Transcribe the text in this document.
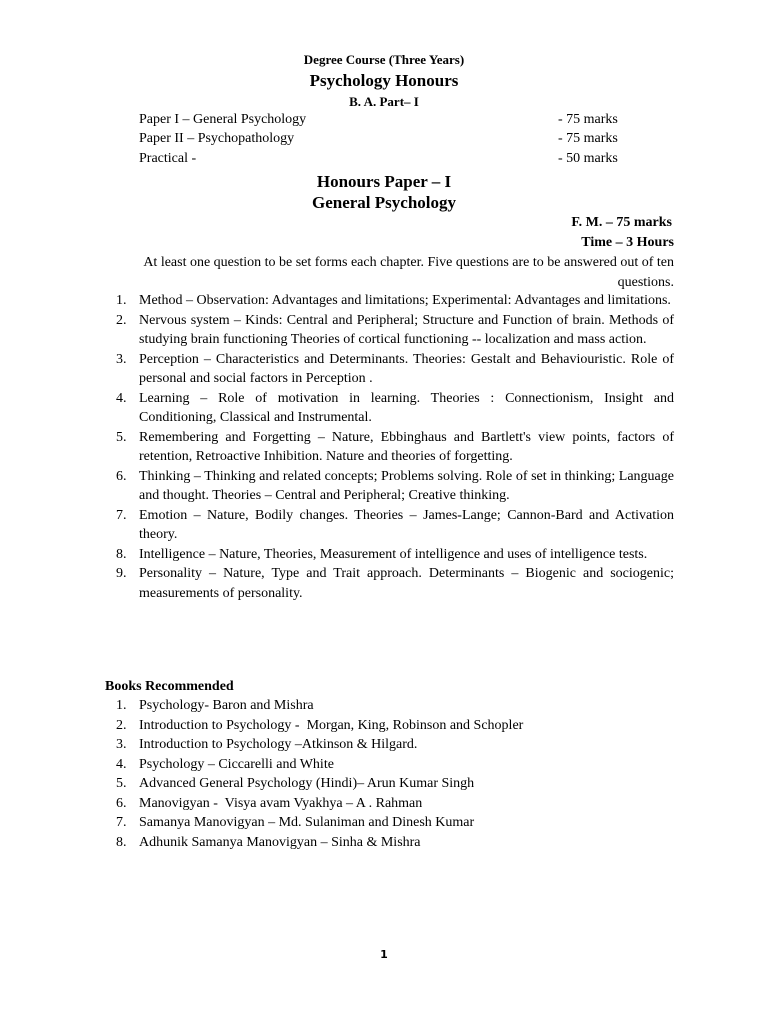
Degree Course (Three Years)
Psychology Honours
B. A. Part– I
Paper I – General Psychology	- 75 marks
Paper II – Psychopathology	- 75 marks
Practical -	- 50 marks
Honours Paper – I
General Psychology
F. M. – 75 marks
Time – 3 Hours
At least one question to be set forms each chapter. Five questions are to be answered out of ten questions.
1. Method – Observation: Advantages and limitations; Experimental: Advantages and limitations.
2. Nervous system – Kinds: Central and Peripheral; Structure and Function of brain. Methods of studying brain functioning Theories of cortical functioning -- localization and mass action.
3. Perception – Characteristics and Determinants. Theories: Gestalt and Behaviouristic. Role of personal and social factors in Perception .
4. Learning – Role of motivation in learning. Theories : Connectionism, Insight and Conditioning, Classical and Instrumental.
5. Remembering and Forgetting – Nature, Ebbinghaus and Bartlett's view points, factors of retention, Retroactive Inhibition. Nature and theories of forgetting.
6. Thinking – Thinking and related concepts; Problems solving. Role of set in thinking; Language and thought. Theories – Central and Peripheral; Creative thinking.
7. Emotion – Nature, Bodily changes. Theories – James-Lange; Cannon-Bard and Activation theory.
8. Intelligence – Nature, Theories, Measurement of intelligence and uses of intelligence tests.
9. Personality – Nature, Type and Trait approach. Determinants – Biogenic and sociogenic; measurements of personality.
Books Recommended
1. Psychology- Baron and Mishra
2. Introduction to Psychology -  Morgan, King, Robinson and Schopler
3. Introduction to Psychology –Atkinson & Hilgard.
4. Psychology – Ciccarelli and White
5. Advanced General Psychology (Hindi)– Arun Kumar Singh
6. Manovigyan -  Visya avam Vyakhya – A . Rahman
7. Samanya Manovigyan – Md. Sulaniman and Dinesh Kumar
8. Adhunik Samanya Manovigyan – Sinha & Mishra
1
